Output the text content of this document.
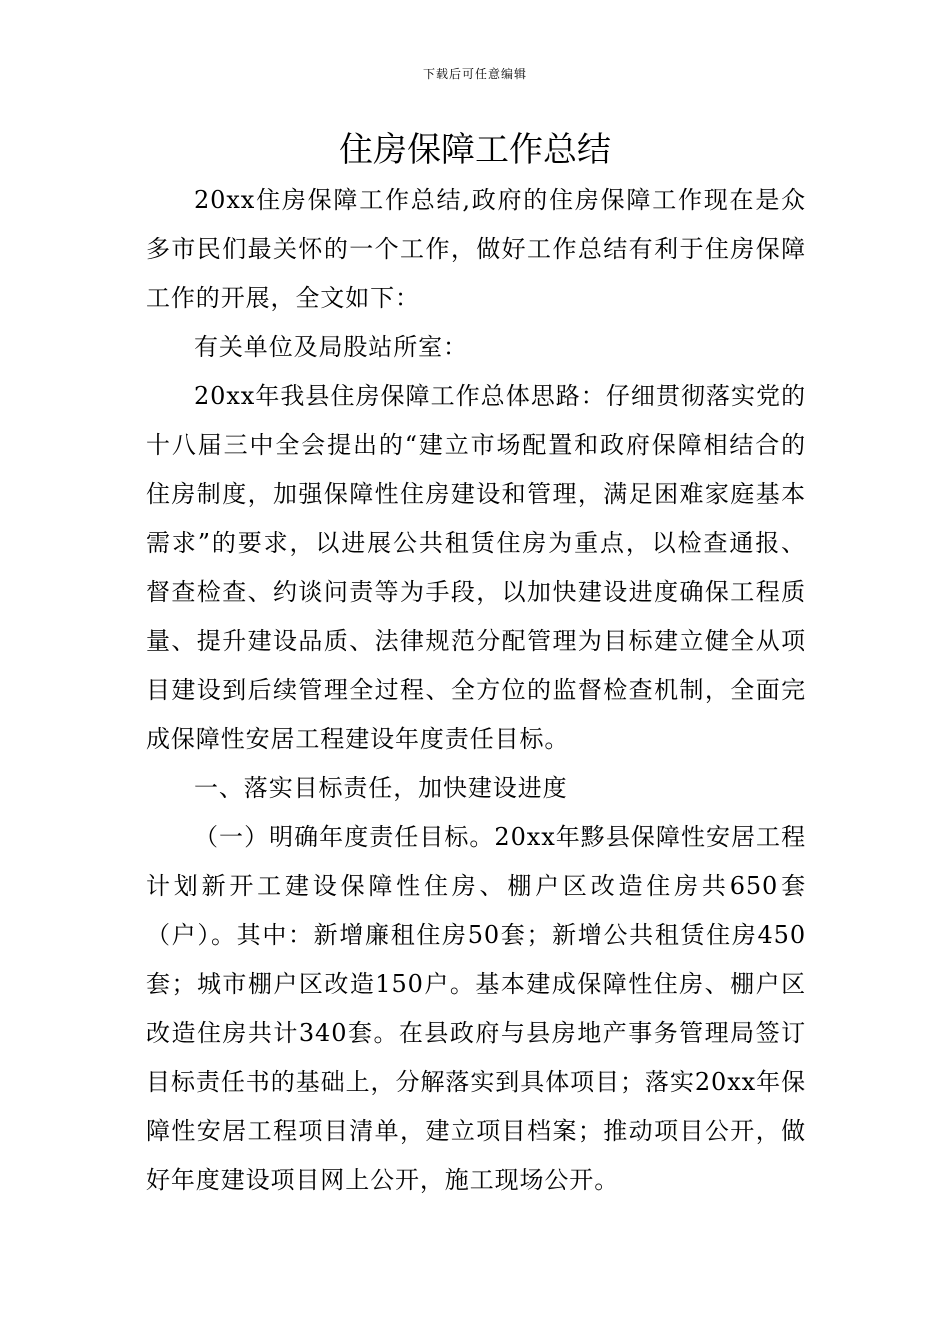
下载后可任意编辑
住房保障工作总结

20xx住房保障工作总结,政府的住房保障工作现在是众多市民们最关怀的一个工作，做好工作总结有利于住房保障工作的开展，全文如下：

有关单位及局股站所室：

20xx年我县住房保障工作总体思路：仔细贯彻落实党的十八届三中全会提出的“建立市场配置和政府保障相结合的住房制度，加强保障性住房建设和管理，满足困难家庭基本需求”的要求，以进展公共租赁住房为重点，以检查通报、督查检查、约谈问责等为手段，以加快建设进度确保工程质量、提升建设品质、法律规范分配管理为目标建立健全从项目建设到后续管理全过程、全方位的监督检查机制，全面完成保障性安居工程建设年度责任目标。

一、落实目标责任，加快建设进度

（一）明确年度责任目标。20xx年黟县保障性安居工程计划新开工建设保障性住房、棚户区改造住房共650套（户）。其中：新增廉租住房50套；新增公共租赁住房450套；城市棚户区改造150户。基本建成保障性住房、棚户区改造住房共计340套。在县政府与县房地产事务管理局签订目标责任书的基础上，分解落实到具体项目；落实20xx年保障性安居工程项目清单，建立项目档案；推动项目公开，做好年度建设项目网上公开，施工现场公开。
